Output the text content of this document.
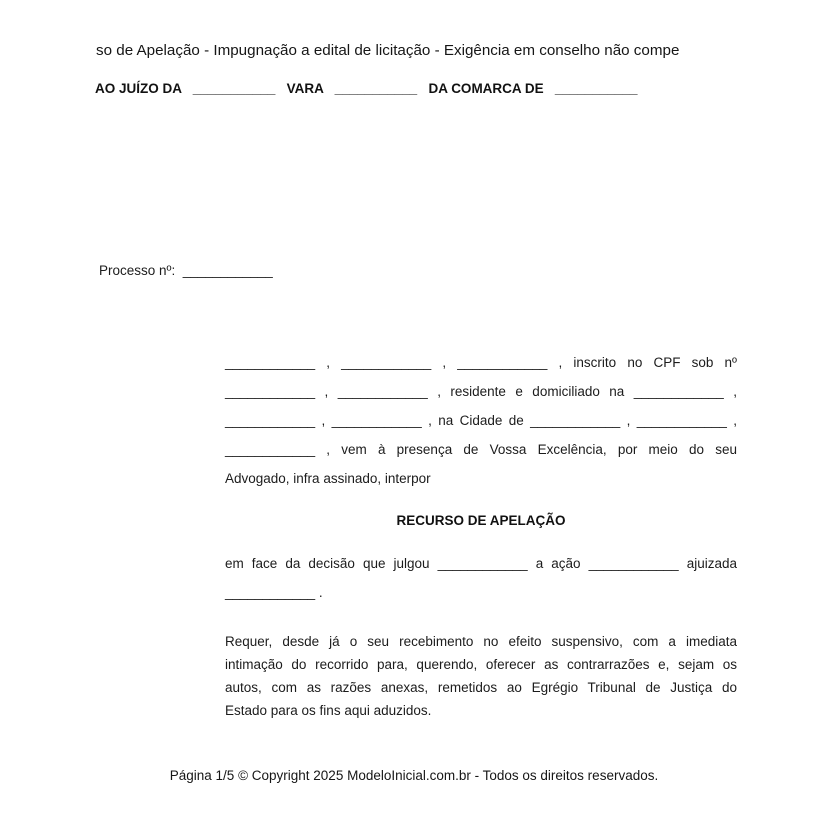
so de Apelação - Impugnação a edital de licitação - Exigência em conselho não compe
AO JUÍZO DA   ___________   VARA   ___________   DA COMARCA DE   ___________
Processo nº:  ____________
____________ , ____________ , ____________ , inscrito no CPF sob nº
____________ , ____________ , residente e domiciliado na ____________ ,
____________ , ____________ , na Cidade de ____________ , ____________ ,
____________ , vem à presença de Vossa Excelência, por meio do seu
Advogado, infra assinado, interpor
RECURSO DE APELAÇÃO
em face da decisão que julgou ____________ a ação ____________ ajuizada
____________ .
Requer, desde já o seu recebimento no efeito suspensivo, com a imediata
intimação do recorrido para, querendo, oferecer as contrarrazões e, sejam os
autos, com as razões anexas, remetidos ao Egrégio Tribunal de Justiça do
Estado para os fins aqui aduzidos.
Página 1/5 © Copyright 2025 ModeloInicial.com.br - Todos os direitos reservados.
